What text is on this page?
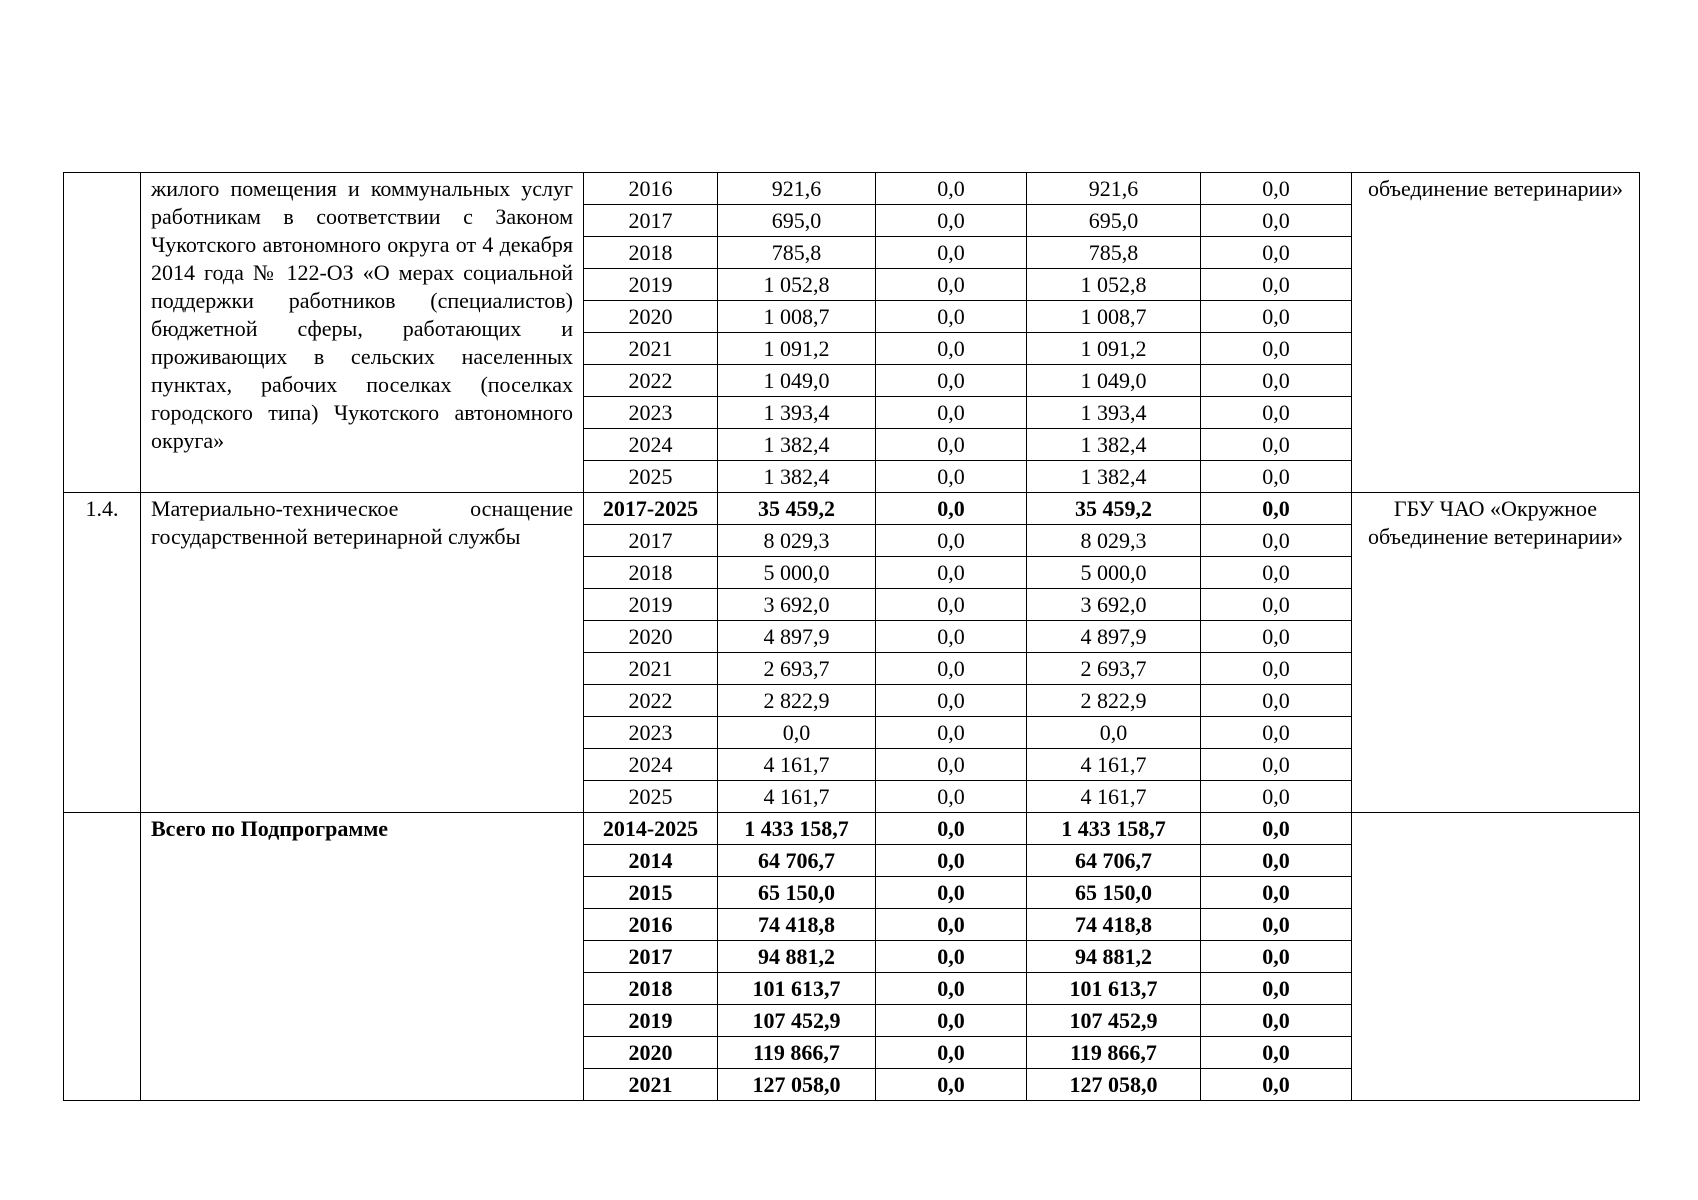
	жилого помещения и коммунальных услуг работникам в соответствии с Законом Чукотского автономного округа от 4 декабря 2014 года № 122-ОЗ «О мерах социальной поддержки работников (специалистов) бюджетной сферы, работающих и проживающих в сельских населенных пунктах, рабочих поселках (поселках городского типа) Чукотского автономного округа»	2016	921,6	0,0	921,6	0,0	объединение ветеринарии»
		2017	695,0	0,0	695,0	0,0	
		2018	785,8	0,0	785,8	0,0	
		2019	1 052,8	0,0	1 052,8	0,0	
		2020	1 008,7	0,0	1 008,7	0,0	
		2021	1 091,2	0,0	1 091,2	0,0	
		2022	1 049,0	0,0	1 049,0	0,0	
		2023	1 393,4	0,0	1 393,4	0,0	
		2024	1 382,4	0,0	1 382,4	0,0	
		2025	1 382,4	0,0	1 382,4	0,0	
1.4.	Материально-техническое оснащение государственной ветеринарной службы	2017-2025	35 459,2	0,0	35 459,2	0,0	ГБУ ЧАО «Окружное объединение ветеринарии»
		2017	8 029,3	0,0	8 029,3	0,0	
		2018	5 000,0	0,0	5 000,0	0,0	
		2019	3 692,0	0,0	3 692,0	0,0	
		2020	4 897,9	0,0	4 897,9	0,0	
		2021	2 693,7	0,0	2 693,7	0,0	
		2022	2 822,9	0,0	2 822,9	0,0	
		2023	0,0	0,0	0,0	0,0	
		2024	4 161,7	0,0	4 161,7	0,0	
		2025	4 161,7	0,0	4 161,7	0,0	
	Всего по Подпрограмме	2014-2025	1 433 158,7	0,0	1 433 158,7	0,0	
		2014	64 706,7	0,0	64 706,7	0,0	
		2015	65 150,0	0,0	65 150,0	0,0	
		2016	74 418,8	0,0	74 418,8	0,0	
		2017	94 881,2	0,0	94 881,2	0,0	
		2018	101 613,7	0,0	101 613,7	0,0	
		2019	107 452,9	0,0	107 452,9	0,0	
		2020	119 866,7	0,0	119 866,7	0,0	
		2021	127 058,0	0,0	127 058,0	0,0	
